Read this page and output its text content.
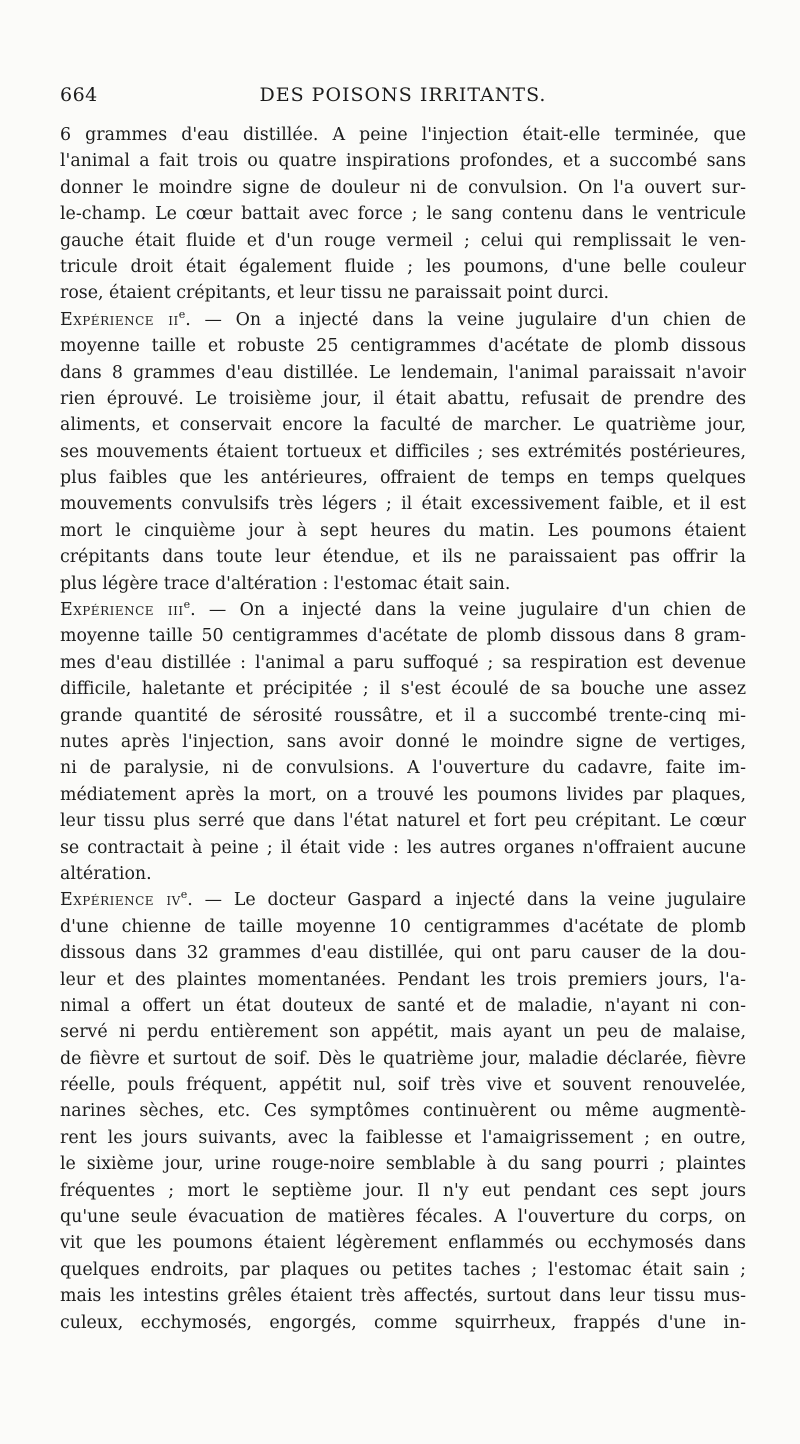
664	DES POISONS IRRITANTS.
6 grammes d'eau distillée. A peine l'injection était-elle terminée, que
l'animal a fait trois ou quatre inspirations profondes, et a succombé sans
donner le moindre signe de douleur ni de convulsion. On l'a ouvert sur-
le-champ. Le cœur battait avec force ; le sang contenu dans le ventricule
gauche était fluide et d'un rouge vermeil ; celui qui remplissait le ven-
tricule droit était également fluide ; les poumons, d'une belle couleur
rose, étaient crépitants, et leur tissu ne paraissait point durci.
Expérience $ii^e$. — On a injecté dans la veine jugulaire d'un chien de
moyenne taille et robuste 25 centigrammes d'acétate de plomb dissous
dans 8 grammes d'eau distillée. Le lendemain, l'animal paraissait n'avoir
rien éprouvé. Le troisième jour, il était abattu, refusait de prendre des
aliments, et conservait encore la faculté de marcher. Le quatrième jour,
ses mouvements étaient tortueux et difficiles ; ses extrémités postérieures,
plus faibles que les antérieures, offraient de temps en temps quelques
mouvements convulsifs très légers ; il était excessivement faible, et il est
mort le cinquième jour à sept heures du matin. Les poumons étaient
crépitants dans toute leur étendue, et ils ne paraissaient pas offrir la
plus légère trace d'altération : l'estomac était sain.
Expérience iii$^e$. — On a injecté dans la veine jugulaire d'un chien de
moyenne taille 50 centigrammes d'acétate de plomb dissous dans 8 gram-
mes d'eau distillée : l'animal a paru suffoqué ; sa respiration est devenue
difficile, haletante et précipitée ; il s'est écoulé de sa bouche une assez
grande quantité de sérosité roussâtre, et il a succombé trente-cinq mi-
nutes après l'injection, sans avoir donné le moindre signe de vertiges,
ni de paralysie, ni de convulsions. A l'ouverture du cadavre, faite im-
médiatement après la mort, on a trouvé les poumons livides par plaques,
leur tissu plus serré que dans l'état naturel et fort peu crépitant. Le cœur
se contractait à peine ; il était vide : les autres organes n'offraient aucune
altération.
Expérience $iv^e$. — Le docteur Gaspard a injecté dans la veine jugulaire
d'une chienne de taille moyenne 10 centigrammes d'acétate de plomb
dissous dans 32 grammes d'eau distillée, qui ont paru causer de la dou-
leur et des plaintes momentanées. Pendant les trois premiers jours, l'a-
nimal a offert un état douteux de santé et de maladie, n'ayant ni con-
servé ni perdu entièrement son appétit, mais ayant un peu de malaise,
de fièvre et surtout de soif. Dès le quatrième jour, maladie déclarée, fièvre
réelle, pouls fréquent, appétit nul, soif très vive et souvent renouvelée,
narines sèches, etc. Ces symptômes continuèrent ou même augmentè-
rent les jours suivants, avec la faiblesse et l'amaigrissement ; en outre,
le sixième jour, urine rouge-noire semblable à du sang pourri ; plaintes
fréquentes ; mort le septième jour. Il n'y eut pendant ces sept jours
qu'une seule évacuation de matières fécales. A l'ouverture du corps, on
vit que les poumons étaient légèrement enflammés ou ecchymosés dans
quelques endroits, par plaques ou petites taches ; l'estomac était sain ;
mais les intestins grêles étaient très affectés, surtout dans leur tissu mus-
culeux, ecchymosés, engorgés, comme squirrheux, frappés d'une in-
